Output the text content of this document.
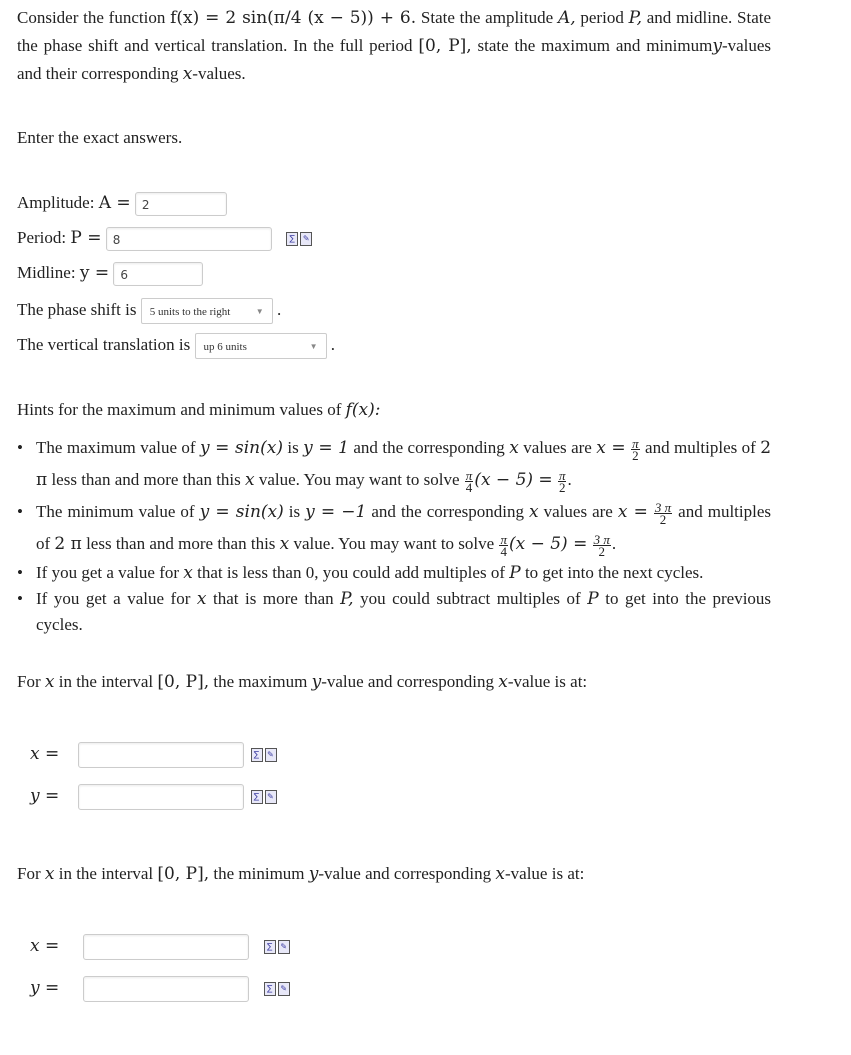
Consider the function f(x) = 2 sin(π/4 (x − 5)) + 6. State the amplitude A, period P, and midline. State the phase shift and vertical translation. In the full period [0, P], state the maximum and minimumy-values and their corresponding x-values.
Enter the exact answers.
Amplitude: A = 2
Period: P = 8	∑ ✎
Midline: y = 6
The phase shift is 5 units to the right	▼ .
The vertical translation is up 6 units	▼ .
Hints for the maximum and minimum values of f(x):
• The maximum value of y = sin(x) is y = 1 and the corresponding x values are $x = \frac{\pi}{2}$ and multiples of 2 π less than and more than this x value. You may want to solve $\frac{\pi}{4} (x - 5) = \frac{\pi}{2}$ .
• The minimum value of y = sin(x) is y = −1 and the corresponding x values are $x = \frac{3 \pi}{2}$ and multiples of 2 π less than and more than this x value. You may want to solve $\frac{\pi}{4} (x - 5) = \frac{3 \pi}{2}$ .
• If you get a value for x that is less than 0, you could add multiples of P to get into the next cycles.
• If you get a value for x that is more than P, you could subtract multiples of P to get into the previous cycles.
For x in the interval [0, P], the maximum y-value and corresponding x-value is at:
x =	∑ ✎
y =	∑ ✎
For x in the interval [0, P], the minimum y-value and corresponding x-value is at:
x =	∑ ✎
y =	∑ ✎
